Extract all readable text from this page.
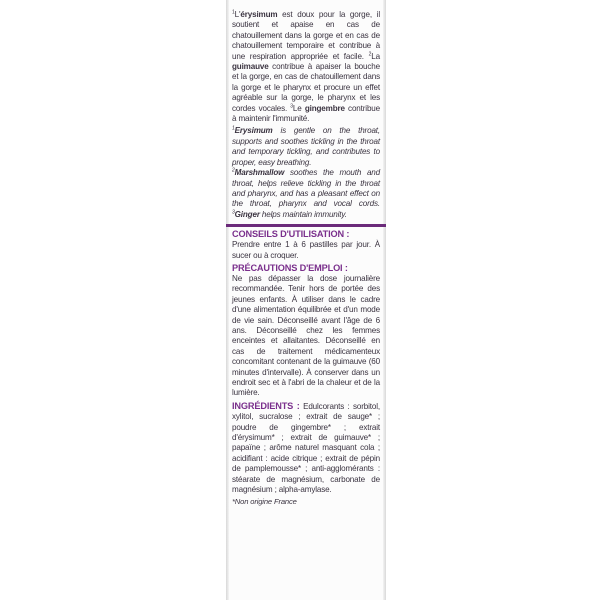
$^1$L'érysimum est doux pour la gorge, il soutient et apaise en cas de chatouillement dans la gorge et en cas de chatouillement temporaire et contribue à une respiration appropriée et facile. $^2$La guimauve contribue à apaiser la bouche et la gorge, en cas de chatouillement dans la gorge et le pharynx et procure un effet agréable sur la gorge, le pharynx et les cordes vocales. $^3$Le gingembre contribue à maintenir l'immunité.

$^1$Erysimum is gentle on the throat, supports and soothes tickling in the throat and temporary tickling, and contributes to proper, easy breathing.
$^2$Marshmallow soothes the mouth and throat, helps relieve tickling in the throat and pharynx, and has a pleasant effect on the throat, pharynx and vocal cords. $^3$Ginger helps maintain immunity.

CONSEILS D'UTILISATION :

Prendre entre 1 à 6 pastilles par jour. À sucer ou à croquer.

PRÉCAUTIONS D'EMPLOI :

Ne pas dépasser la dose journalière recommandée. Tenir hors de portée des jeunes enfants. À utiliser dans le cadre d'une alimentation équilibrée et d'un mode de vie sain. Déconseillé avant l'âge de 6 ans. Déconseillé chez les femmes enceintes et allaitantes. Déconseillé en cas de traitement médicamenteux concomitant contenant de la guimauve (60 minutes d'intervalle). À conserver dans un endroit sec et à l'abri de la chaleur et de la lumière.

INGRÉDIENTS : Edulcorants : sorbitol, xylitol, sucralose ; extrait de sauge* ; poudre de gingembre* ; extrait d'érysimum* ; extrait de guimauve* ; papaïne ; arôme naturel masquant cola ; acidifiant : acide citrique ; extrait de pépin de pamplemousse* ; anti-agglomérants : stéarate de magnésium, carbonate de magnésium ; alpha-amylase.

*Non origine France
